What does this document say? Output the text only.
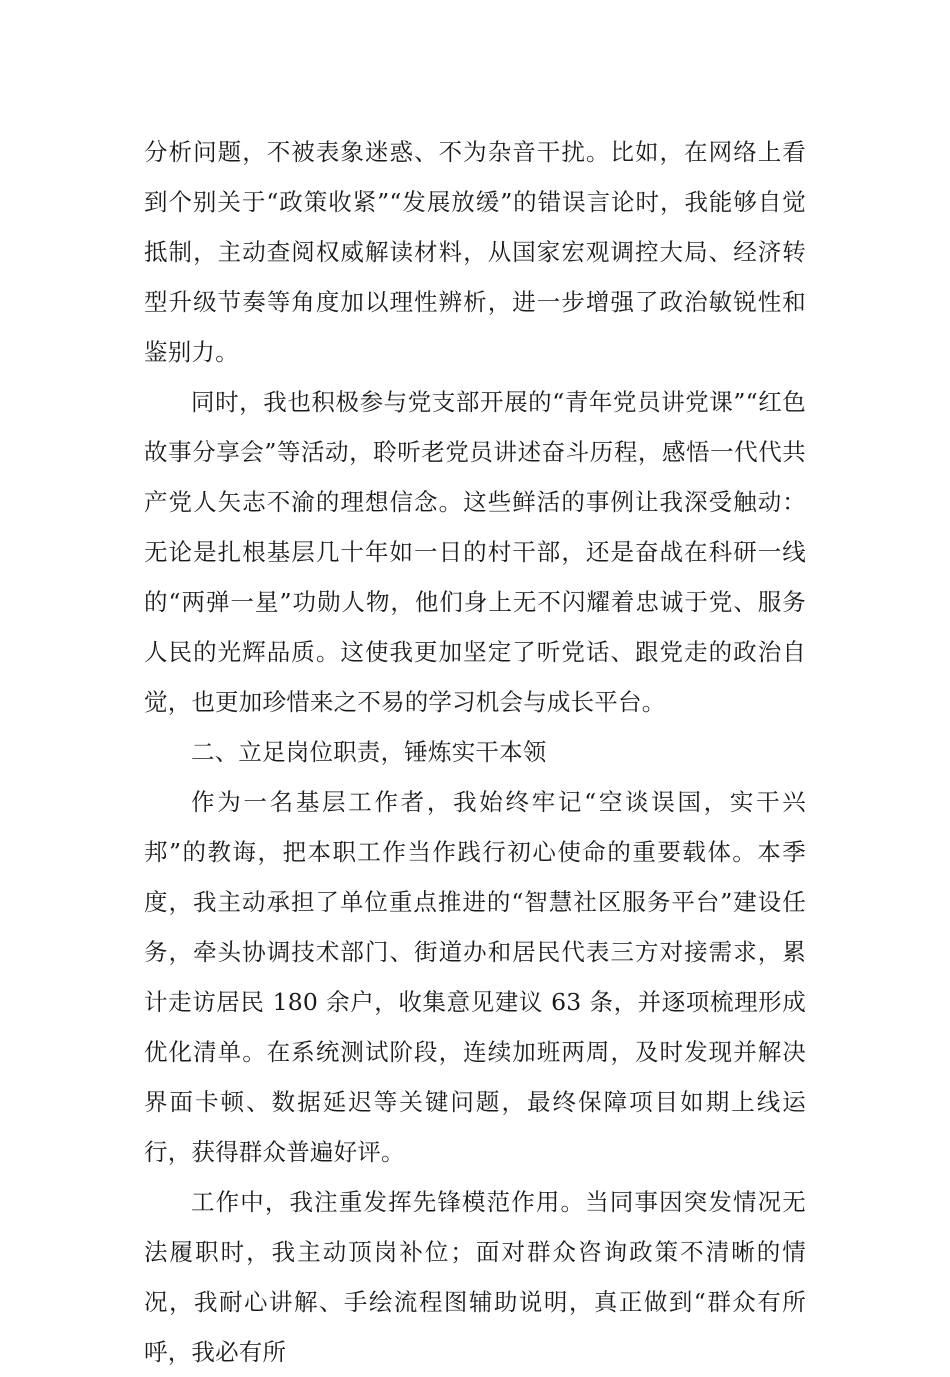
分析问题，不被表象迷惑、不为杂音干扰。比如，在网络上看到个别关于“政策收紧”“发展放缓”的错误言论时，我能够自觉抵制，主动查阅权威解读材料，从国家宏观调控大局、经济转型升级节奏等角度加以理性辨析，进一步增强了政治敏锐性和鉴别力。

同时，我也积极参与党支部开展的“青年党员讲党课”“红色故事分享会”等活动，聆听老党员讲述奋斗历程，感悟一代代共产党人矢志不渝的理想信念。这些鲜活的事例让我深受触动：无论是扎根基层几十年如一日的村干部，还是奋战在科研一线的“两弹一星”功勋人物，他们身上无不闪耀着忠诚于党、服务人民的光辉品质。这使我更加坚定了听党话、跟党走的政治自觉，也更加珍惜来之不易的学习机会与成长平台。

二、立足岗位职责，锤炼实干本领

作为一名基层工作者，我始终牢记“空谈误国，实干兴邦”的教诲，把本职工作当作践行初心使命的重要载体。本季度，我主动承担了单位重点推进的“智慧社区服务平台”建设任务，牵头协调技术部门、街道办和居民代表三方对接需求，累计走访居民 180 余户，收集意见建议 63 条，并逐项梳理形成优化清单。在系统测试阶段，连续加班两周，及时发现并解决界面卡顿、数据延迟等关键问题，最终保障项目如期上线运行，获得群众普遍好评。

工作中，我注重发挥先锋模范作用。当同事因突发情况无法履职时，我主动顶岗补位；面对群众咨询政策不清晰的情况，我耐心讲解、手绘流程图辅助说明，真正做到“群众有所呼，我必有所
